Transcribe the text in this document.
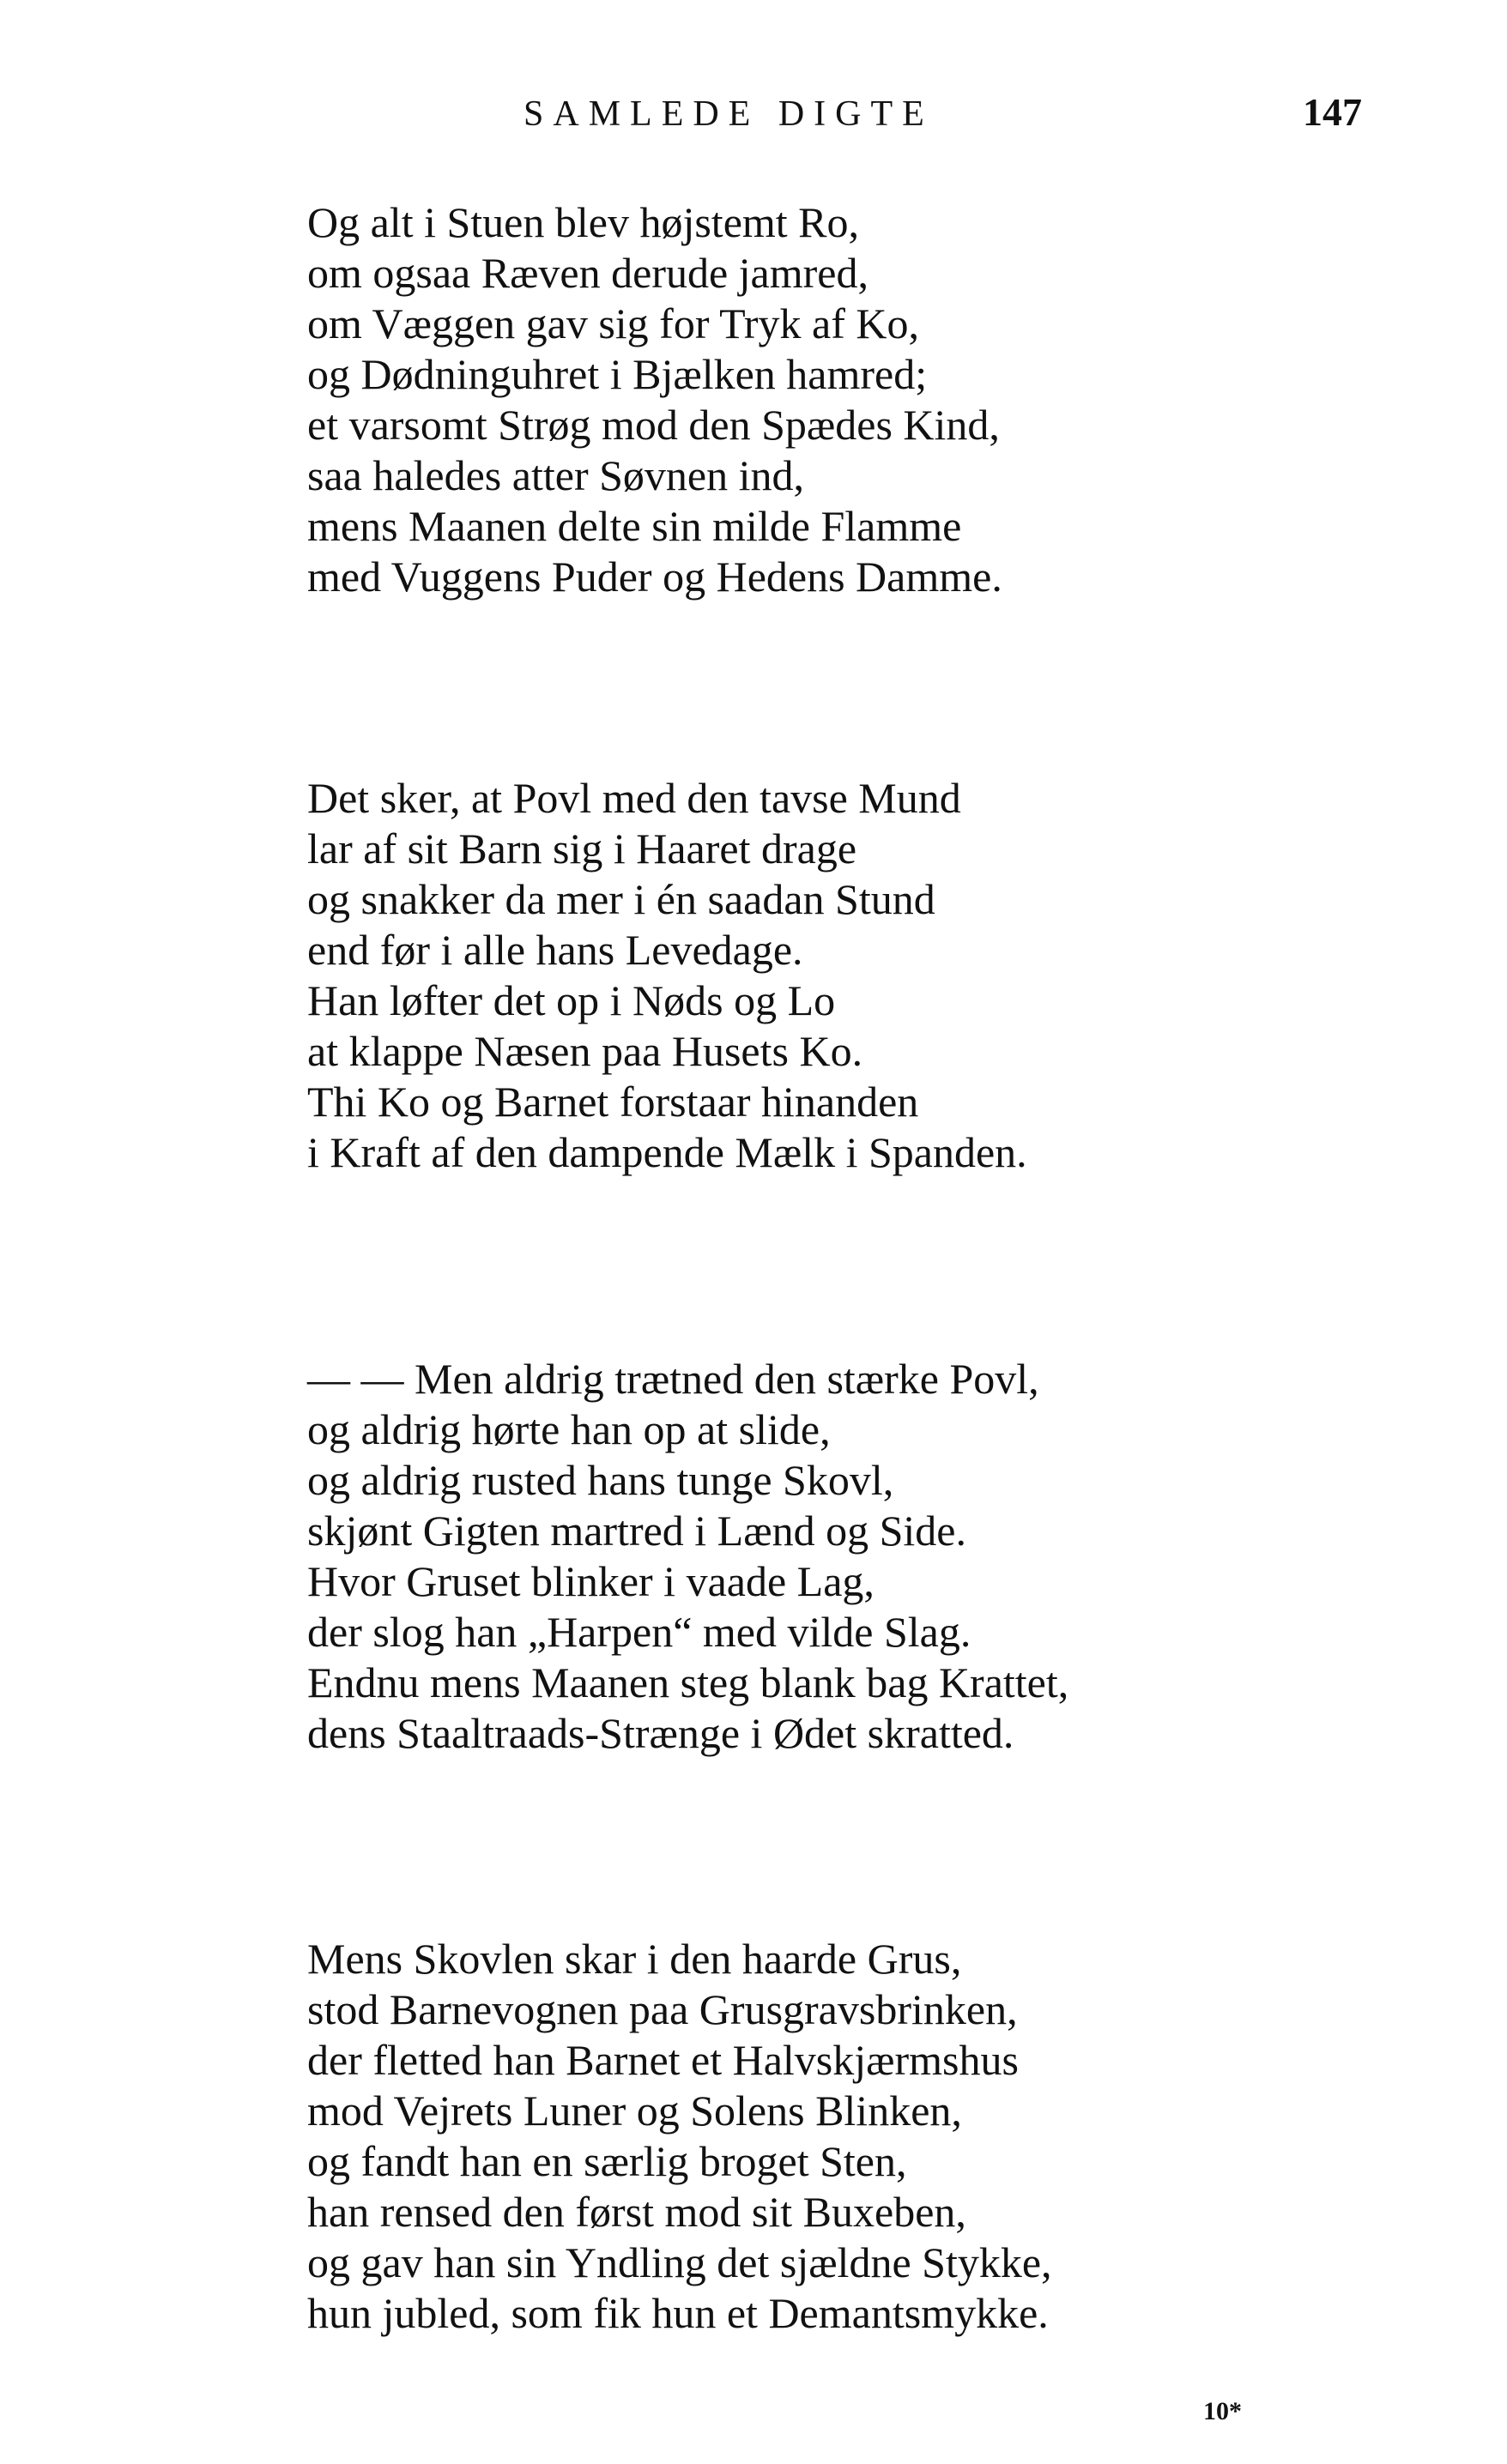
SAMLEDE DIGTE	147
Og alt i Stuen blev højstemt Ro,
om ogsaa Ræven derude jamred,
om Væggen gav sig for Tryk af Ko,
og Dødninguhret i Bjælken hamred;
et varsomt Strøg mod den Spædes Kind,
saa haledes atter Søvnen ind,
mens Maanen delte sin milde Flamme
med Vuggens Puder og Hedens Damme.
Det sker, at Povl med den tavse Mund
lar af sit Barn sig i Haaret drage
og snakker da mer i én saadan Stund
end før i alle hans Levedage.
Han løfter det op i Nøds og Lo
at klappe Næsen paa Husets Ko.
Thi Ko og Barnet forstaar hinanden
i Kraft af den dampende Mælk i Spanden.
— — Men aldrig trætned den stærke Povl,
og aldrig hørte han op at slide,
og aldrig rusted hans tunge Skovl,
skjønt Gigten martred i Lænd og Side.
Hvor Gruset blinker i vaade Lag,
der slog han „Harpen“ med vilde Slag.
Endnu mens Maanen steg blank bag Krattet,
dens Staaltraads-Strænge i Ødet skratted.
Mens Skovlen skar i den haarde Grus,
stod Barnevognen paa Grusgravsbrinken,
der fletted han Barnet et Halvskjærmshus
mod Vejrets Luner og Solens Blinken,
og fandt han en særlig broget Sten,
han rensed den først mod sit Buxeben,
og gav han sin Yndling det sjældne Stykke,
hun jubled, som fik hun et Demantsmykke.
10*
